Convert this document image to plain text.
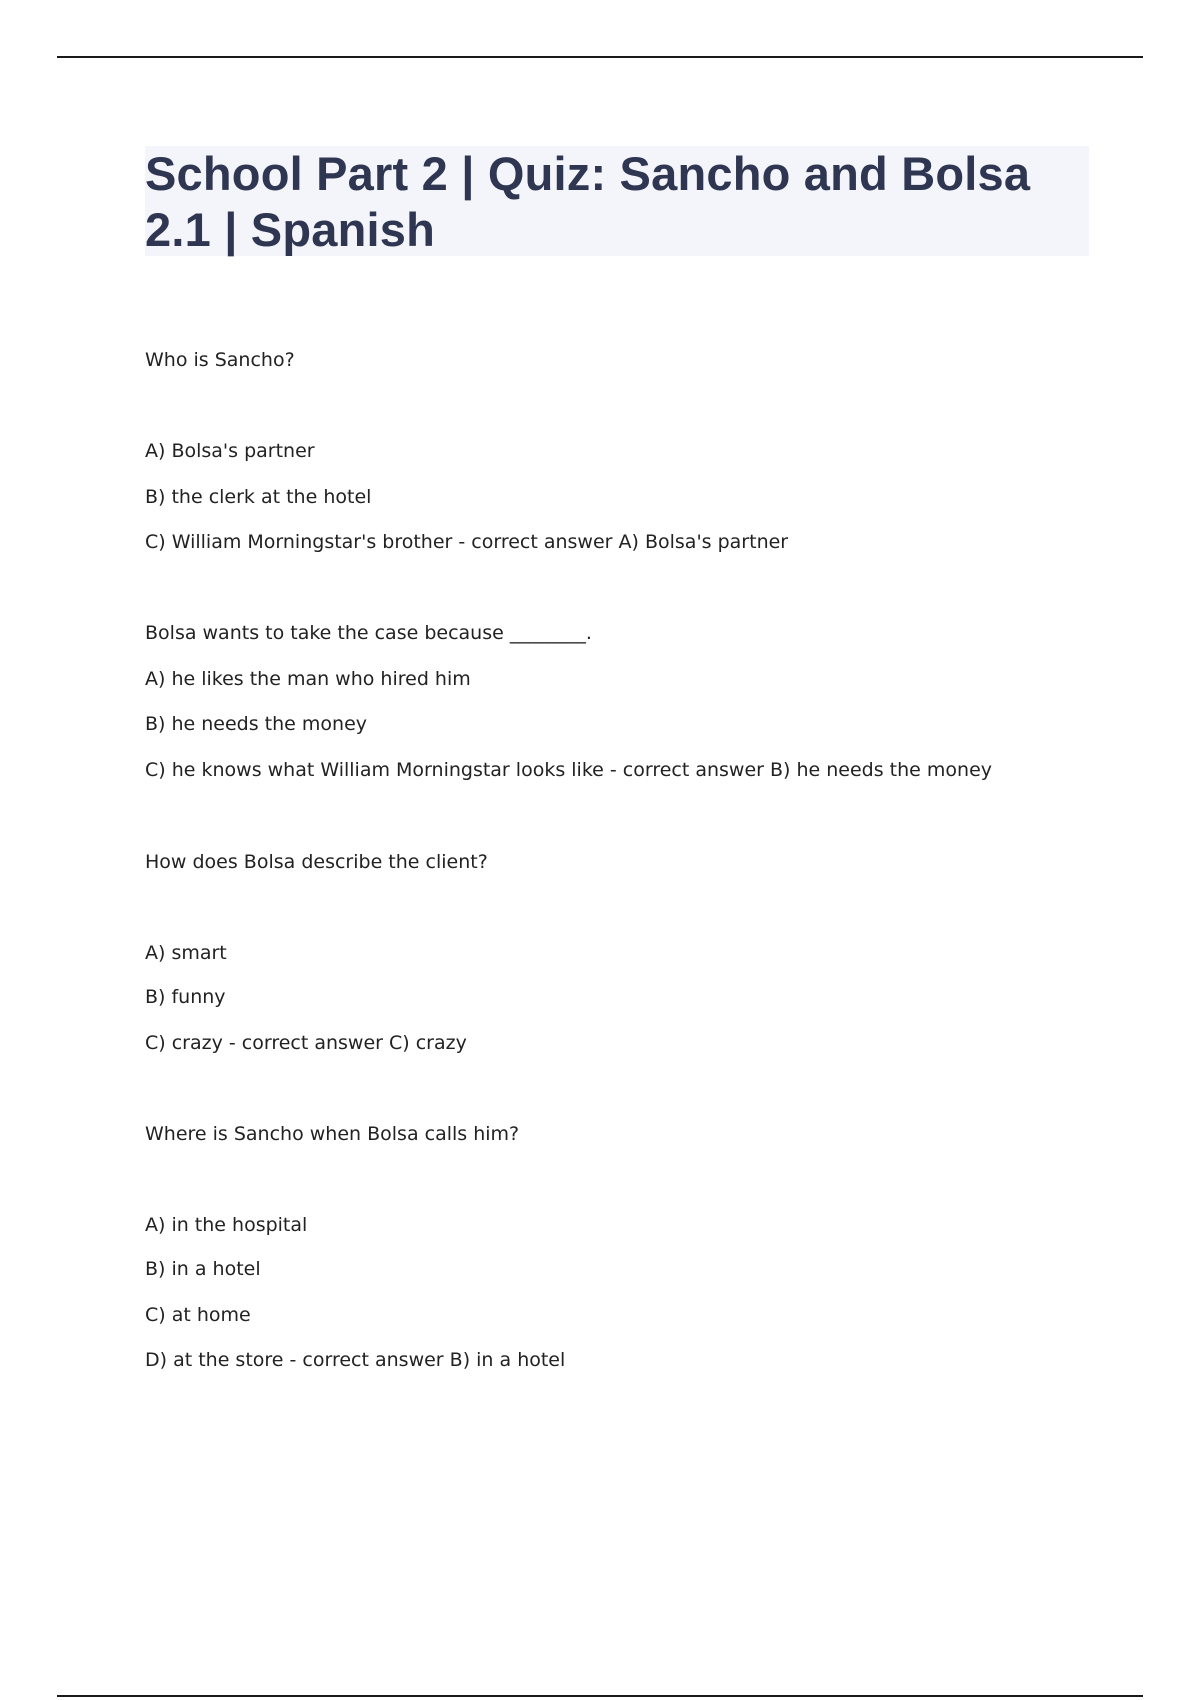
School Part 2 | Quiz: Sancho and Bolsa 2.1 | Spanish
Who is Sancho?
A) Bolsa's partner
B) the clerk at the hotel
C) William Morningstar's brother - correct answer A) Bolsa's partner
Bolsa wants to take the case because ________.
A) he likes the man who hired him
B) he needs the money
C) he knows what William Morningstar looks like - correct answer B) he needs the money
How does Bolsa describe the client?
A) smart
B) funny
C) crazy - correct answer C) crazy
Where is Sancho when Bolsa calls him?
A) in the hospital
B) in a hotel
C) at home
D) at the store - correct answer B) in a hotel
